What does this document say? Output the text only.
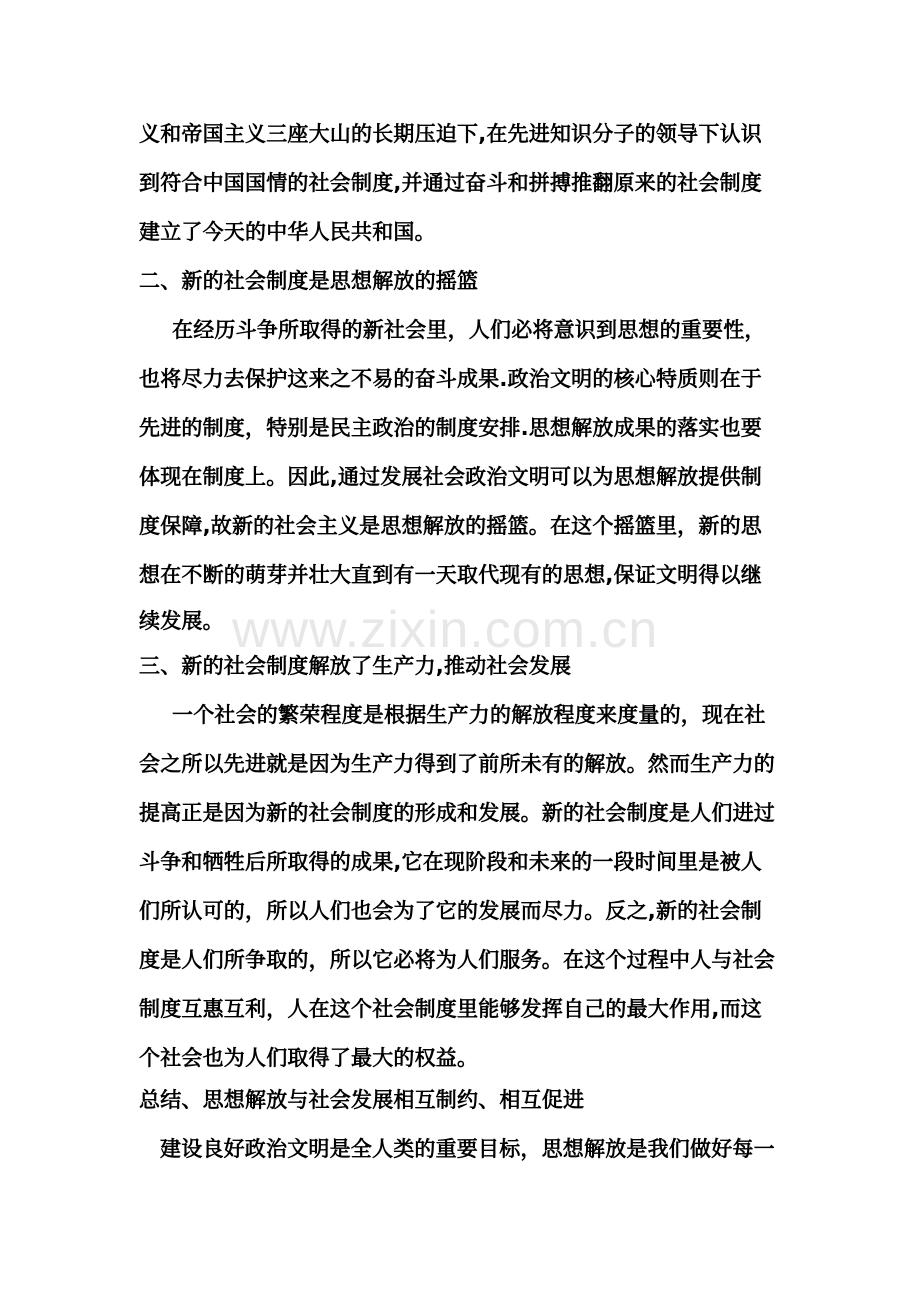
www.zixin.com.cn
义和帝国主义三座大山的长期压迫下,在先进知识分子的领导下认识
到符合中国国情的社会制度,并通过奋斗和拼搏推翻原来的社会制度
建立了今天的中华人民共和国。
二、新的社会制度是思想解放的摇篮
在经历斗争所取得的新社会里，人们必将意识到思想的重要性，
也将尽力去保护这来之不易的奋斗成果.政治文明的核心特质则在于
先进的制度，特别是民主政治的制度安排.思想解放成果的落实也要
体现在制度上。因此,通过发展社会政治文明可以为思想解放提供制
度保障,故新的社会主义是思想解放的摇篮。在这个摇篮里，新的思
想在不断的萌芽并壮大直到有一天取代现有的思想,保证文明得以继
续发展。
三、新的社会制度解放了生产力,推动社会发展
一个社会的繁荣程度是根据生产力的解放程度来度量的，现在社
会之所以先进就是因为生产力得到了前所未有的解放。然而生产力的
提高正是因为新的社会制度的形成和发展。新的社会制度是人们进过
斗争和牺牲后所取得的成果,它在现阶段和未来的一段时间里是被人
们所认可的，所以人们也会为了它的发展而尽力。反之,新的社会制
度是人们所争取的，所以它必将为人们服务。在这个过程中人与社会
制度互惠互利，人在这个社会制度里能够发挥自己的最大作用,而这
个社会也为人们取得了最大的权益。
总结、思想解放与社会发展相互制约、相互促进
建设良好政治文明是全人类的重要目标，思想解放是我们做好每一
